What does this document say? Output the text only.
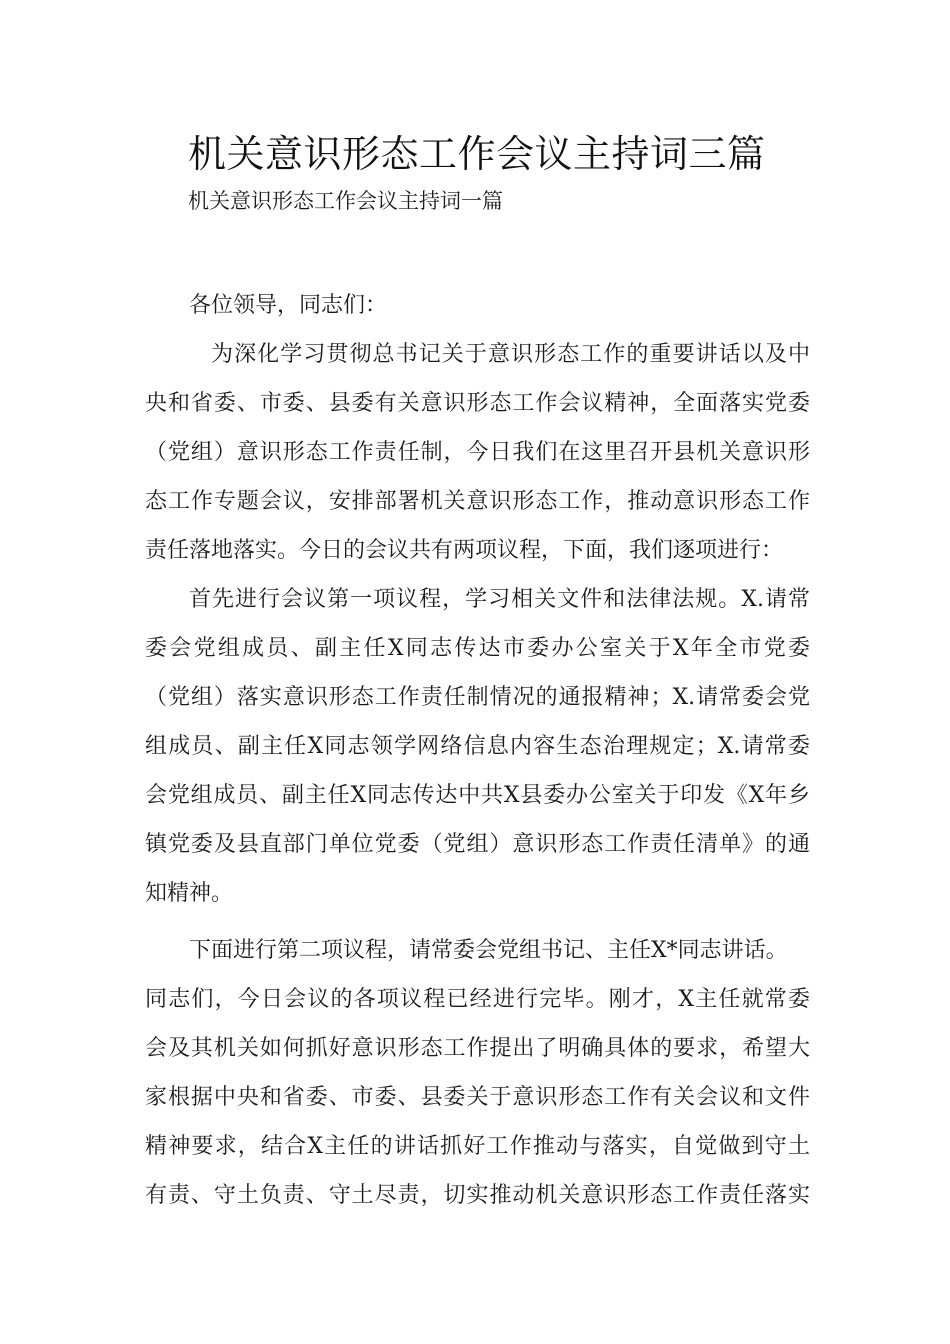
机关意识形态工作会议主持词三篇
机关意识形态工作会议主持词一篇
各位领导，同志们：
为深化学习贯彻总书记关于意识形态工作的重要讲话以及中
央和省委、市委、县委有关意识形态工作会议精神，全面落实党委
（党组）意识形态工作责任制，今日我们在这里召开县机关意识形
态工作专题会议，安排部署机关意识形态工作，推动意识形态工作
责任落地落实。今日的会议共有两项议程，下面，我们逐项进行：
首先进行会议第一项议程，学习相关文件和法律法规。X.请常
委会党组成员、副主任X同志传达市委办公室关于X年全市党委
（党组）落实意识形态工作责任制情况的通报精神；X.请常委会党
组成员、副主任X同志领学网络信息内容生态治理规定；X.请常委
会党组成员、副主任X同志传达中共X县委办公室关于印发《X年乡
镇党委及县直部门单位党委（党组）意识形态工作责任清单》的通
知精神。
下面进行第二项议程，请常委会党组书记、主任X*同志讲话。
同志们，今日会议的各项议程已经进行完毕。刚才，X主任就常委
会及其机关如何抓好意识形态工作提出了明确具体的要求，希望大
家根据中央和省委、市委、县委关于意识形态工作有关会议和文件
精神要求，结合X主任的讲话抓好工作推动与落实，自觉做到守土
有责、守土负责、守土尽责，切实推动机关意识形态工作责任落实
